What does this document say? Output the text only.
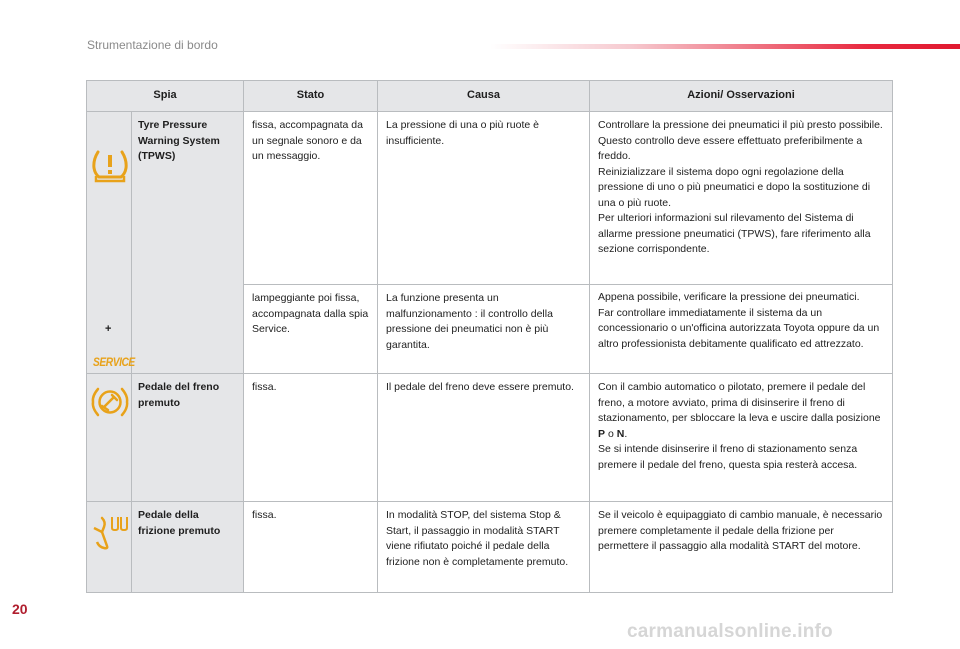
Strumentazione di bordo
Spia		Stato	Causa	Azioni/ Osservazioni

+
SERVICE	Tyre Pressure Warning System (TPWS)	fissa, accompagnata da un segnale sonoro e da un messaggio.	La pressione di una o più ruote è insufficiente.	Controllare la pressione dei pneumatici il più presto possibile.
Questo controllo deve essere effettuato preferibilmente a freddo.
Reinizializzare il sistema dopo ogni regolazione della pressione di uno o più pneumatici e dopo la sostituzione di una o più ruote.
Per ulteriori informazioni sul rilevamento del Sistema di allarme pressione pneumatici (TPWS), fare riferimento alla sezione corrispondente.

		lampeggiante poi fissa, accompagnata dalla spia Service.	La funzione presenta un malfunzionamento : il controllo della pressione dei pneumatici non è più garantita.	Appena possibile, verificare la pressione dei pneumatici.
Far controllare immediatamente il sistema da un concessionario o un'officina autorizzata Toyota oppure da un altro professionista debitamente qualificato ed attrezzato.

	Pedale del freno premuto	fissa.	Il pedale del freno deve essere premuto.	Con il cambio automatico o pilotato, premere il pedale del freno, a motore avviato, prima di disinserire il freno di stazionamento, per sbloccare la leva e uscire dalla posizione P o N.
Se si intende disinserire il freno di stazionamento senza premere il pedale del freno, questa spia resterà accesa.

	Pedale della frizione premuto	fissa.	In modalità STOP, del sistema Stop & Start, il passaggio in modalità START viene rifiutato poiché il pedale della frizione non è completamente premuto.	Se il veicolo è equipaggiato di cambio manuale, è necessario premere completamente il pedale della frizione per permettere il passaggio alla modalità START del motore.
20
carmanualsonline.info
